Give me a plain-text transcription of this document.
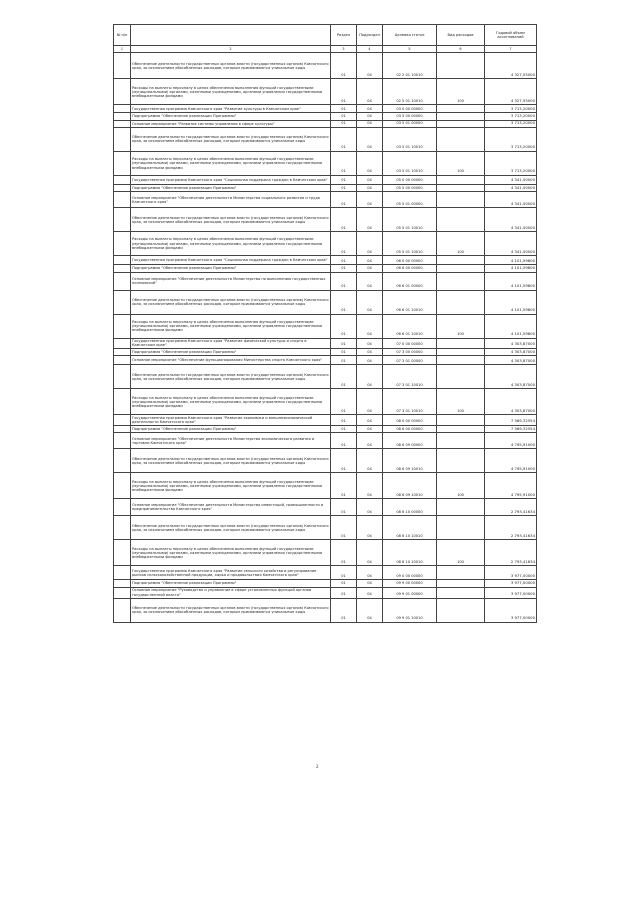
№ п/п		Раздел	Подраздел	Целевая статья	Вид расходов	Годовой объем ассигнований
1	2	3	4	5	6	7
	Обеспечение деятельности государственных органов власти (государственных органов) Камчатского края, за исключением обособленных расходов, которым присваиваются уникальные коды	01	04	02 2 01 10010		4 327,55000
	Расходы на выплаты персоналу в целях обеспечения выполнения функций государственными (муниципальными) органами, казенными учреждениями, органами управления государственными внебюджетными фондами	01	04	02 5 01 10010	100	4 327,55000
	Государственная программа Камчатского края "Развитие культуры в Камчатском крае"	01	04	03 0 00 00000		3 713,20000
	Подпрограмма "Обеспечение реализации Программы"	01	04	03 5 00 00000		3 713,20000
	Основное мероприятие "Развитие системы управления в сфере культуры"	01	04	03 5 01 00000		3 713,20000
	Обеспечение деятельности государственных органов власти (государственных органов) Камчатского края, за исключением обособленных расходов, которым присваиваются уникальные коды	01	04	03 5 01 10010		3 713,20000
	Расходы на выплаты персоналу в целях обеспечения выполнения функций государственными (муниципальными) органами, казенными учреждениями, органами управления государственными внебюджетными фондами	01	04	03 5 01 10010	100	3 713,20000
	Государственная программа Камчатского края "Социальная поддержка граждан в Камчатском крае"	01	04	05 0 00 00000		4 341,50000
	Подпрограмма "Обеспечение реализации Программы"	01	04	05 5 00 00000		4 341,50000
	Основное мероприятие "Обеспечение деятельности Министерства социального развития и труда Камчатского края"	01	04	05 5 01 00000		4 341,50000
	Обеспечение деятельности государственных органов власти (государственных органов) Камчатского края, за исключением обособленных расходов, которым присваиваются уникальные коды	01	04	05 5 01 10010		4 341,50000
	Расходы на выплаты персоналу в целях обеспечения выполнения функций государственными (муниципальными) органами, казенными учреждениями, органами управления государственными внебюджетными фондами	01	04	05 5 01 10010	100	4 341,50000
	Государственная программа Камчатского края "Социальная поддержка граждан в Камчатском крае"	01	04	06 0 00 00000		4 101,59800
	Подпрограмма "Обеспечение реализации Программы"	01	04	06 6 00 00000		4 101,59800
	Основное мероприятие "Обеспечение деятельности Министерства по выполнению государственных полномочий"	01	04	06 6 01 00000		4 101,59800
	Обеспечение деятельности государственных органов власти (государственных органов) Камчатского края, за исключением обособленных расходов, которым присваиваются уникальные коды	01	04	06 6 01 10010		4 101,59800
	Расходы на выплаты персоналу в целях обеспечения выполнения функций государственными (муниципальными) органами, казенными учреждениями, органами управления государственными внебюджетными фондами	01	04	06 6 01 10010	100	4 101,59800
	Государственная программа Камчатского края "Развитие физической культуры и спорта в Камчатском крае"	01	04	07 0 00 00000		4 303,87000
	Подпрограмма "Обеспечение реализации Программы"	01	04	07 3 00 00000		4 303,87000
	Основное мероприятие "Обеспечение функционирования Министерства спорта Камчатского края"	01	04	07 3 01 00000		4 303,87000
	Обеспечение деятельности государственных органов власти (государственных органов) Камчатского края, за исключением обособленных расходов, которым присваиваются уникальные коды	01	04	07 3 01 10010		4 303,87000
	Расходы на выплаты персоналу в целях обеспечения выполнения функций государственными (муниципальными) органами, казенными учреждениями, органами управления государственными внебюджетными фондами	01	04	07 3 01 10010	100	4 303,87000
	Государственная программа Камчатского края "Развитие экономики и внешнеэкономической деятельности Камчатского края"	01	04	08 0 00 00000		7 589,32554
	Подпрограмма "Обеспечение реализации Программы"	01	04	08 6 00 00000		7 589,32554
	Основное мероприятие "Обеспечение деятельности Министерства экономического развития и торговли Камчатского края"	01	04	08 6 09 00000		4 795,91000
	Обеспечение деятельности государственных органов власти (государственных органов) Камчатского края, за исключением обособленных расходов, которым присваиваются уникальные коды	01	04	08 6 09 10010		4 795,91000
	Расходы на выплаты персоналу в целях обеспечения выполнения функций государственными (муниципальными) органами, казенными учреждениями, органами управления государственными внебюджетными фондами	01	04	08 6 09 10010	100	4 795,91000
	Основное мероприятие "Обеспечение деятельности Министерства инвестиций, промышленности и предпринимательства Камчатского края"	01	04	08 6 10 00000		2 793,41634
	Обеспечение деятельности государственных органов власти (государственных органов) Камчатского края, за исключением обособленных расходов, которым присваиваются уникальные коды	01	04	08 6 10 10010		2 793,41634
	Расходы на выплаты персоналу в целях обеспечения выполнения функций государственными (муниципальными) органами, казенными учреждениями, органами управления государственными внебюджетными фондами	01	04	08 6 10 10010	100	2 793,41634
	Государственная программа Камчатского края "Развитие сельского хозяйства и регулирование рынков сельскохозяйственной продукции, сырья и продовольствия Камчатского края"	01	04	09 0 00 00000		3 977,00000
	Подпрограмма "Обеспечение реализации Программы"	01	04	09 9 00 00000		3 977,00000
	Основное мероприятие "Руководство и управление в сфере установленных функций органов государственной власти"	01	04	09 9 01 00000		3 977,00000
	Обеспечение деятельности государственных органов власти (государственных органов) Камчатского края, за исключением обособленных расходов, которым присваиваются уникальные коды	01	04	09 9 01 10010		3 977,00000
2
